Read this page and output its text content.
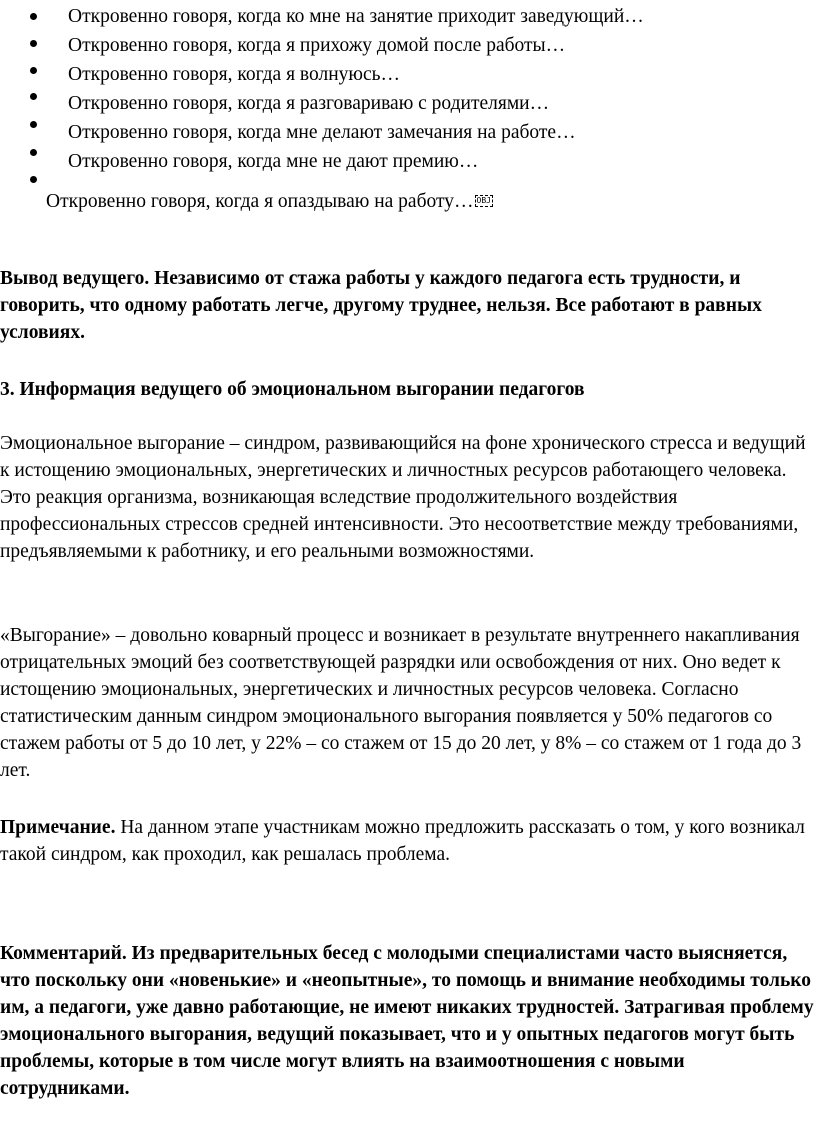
Откровенно говоря, когда ко мне на занятие приходит заведующий…
Откровенно говоря, когда я прихожу домой после работы…
Откровенно говоря, когда я волнуюсь…
Откровенно говоря, когда я разговариваю с родителями…
Откровенно говоря, когда мне делают замечания на работе…
Откровенно говоря, когда мне не дают премию…
Откровенно говоря, когда я опаздываю на работу… OBJ

Вывод ведущего. Независимо от стажа работы у каждого педагога есть трудности, и говорить, что одному работать легче, другому труднее, нельзя. Все работают в равных условиях.

3. Информация ведущего об эмоциональном выгорании педагогов

Эмоциональное выгорание – синдром, развивающийся на фоне хронического стресса и ведущий к истощению эмоциональных, энергетических и личностных ресурсов работающего человека. Это реакция организма, возникающая вследствие продолжительного воздействия профессиональных стрессов средней интенсивности. Это несоответствие между требованиями, предъявляемыми к работнику, и его реальными возможностями.

«Выгорание» – довольно коварный процесс и возникает в результате внутреннего накапливания отрицательных эмоций без соответствующей разрядки или освобождения от них. Оно ведет к истощению эмоциональных, энергетических и личностных ресурсов человека. Согласно статистическим данным синдром эмоционального выгорания появляется у 50% педагогов со стажем работы от 5 до 10 лет, у 22% – со стажем от 15 до 20 лет, у 8% – со стажем от 1 года до 3 лет.

Примечание. На данном этапе участникам можно предложить рассказать о том, у кого возникал такой синдром, как проходил, как решалась проблема.

Комментарий. Из предварительных бесед с молодыми специалистами часто выясняется, что поскольку они «новенькие» и «неопытные», то помощь и внимание необходимы только им, а педагоги, уже давно работающие, не имеют никаких трудностей. Затрагивая проблему эмоционального выгорания, ведущий показывает, что и у опытных педагогов могут быть проблемы, которые в том числе могут влиять на взаимоотношения с новыми сотрудниками.
